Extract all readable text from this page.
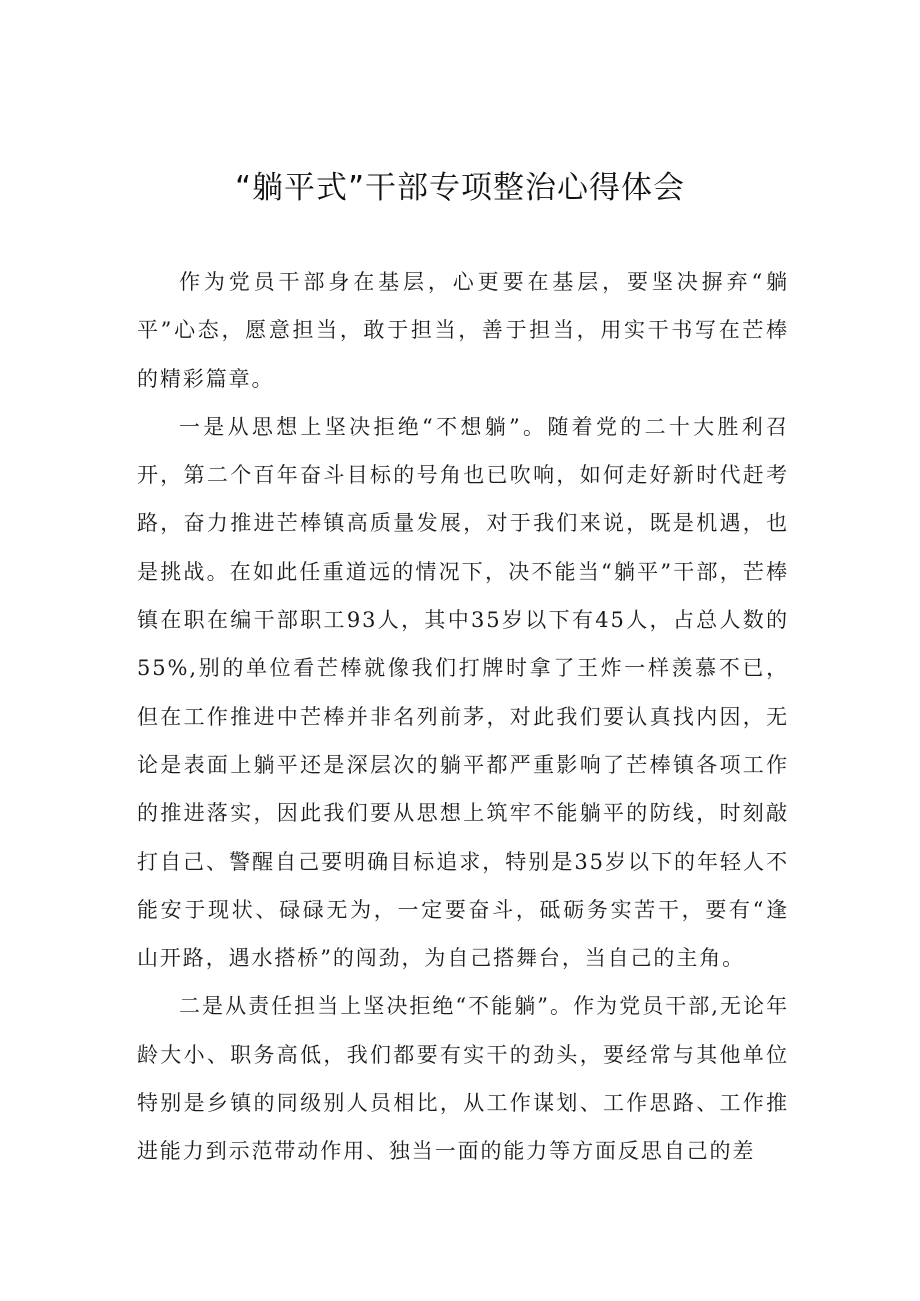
“躺平式”干部专项整治心得体会

作为党员干部身在基层，心更要在基层，要坚决摒弃“躺平”心态，愿意担当，敢于担当，善于担当，用实干书写在芒棒的精彩篇章。

一是从思想上坚决拒绝“不想躺”。随着党的二十大胜利召开，第二个百年奋斗目标的号角也已吹响，如何走好新时代赶考路，奋力推进芒棒镇高质量发展，对于我们来说，既是机遇，也是挑战。在如此任重道远的情况下，决不能当“躺平”干部，芒棒镇在职在编干部职工93人，其中35岁以下有45人，占总人数的55%,别的单位看芒棒就像我们打牌时拿了王炸一样羡慕不已，但在工作推进中芒棒并非名列前茅，对此我们要认真找内因，无论是表面上躺平还是深层次的躺平都严重影响了芒棒镇各项工作的推进落实，因此我们要从思想上筑牢不能躺平的防线，时刻敲打自己、警醒自己要明确目标追求，特别是35岁以下的年轻人不能安于现状、碌碌无为，一定要奋斗，砥砺务实苦干，要有“逢山开路，遇水搭桥”的闯劲，为自己搭舞台，当自己的主角。

二是从责任担当上坚决拒绝“不能躺”。作为党员干部,无论年龄大小、职务高低，我们都要有实干的劲头，要经常与其他单位特别是乡镇的同级别人员相比，从工作谋划、工作思路、工作推进能力到示范带动作用、独当一面的能力等方面反思自己的差
